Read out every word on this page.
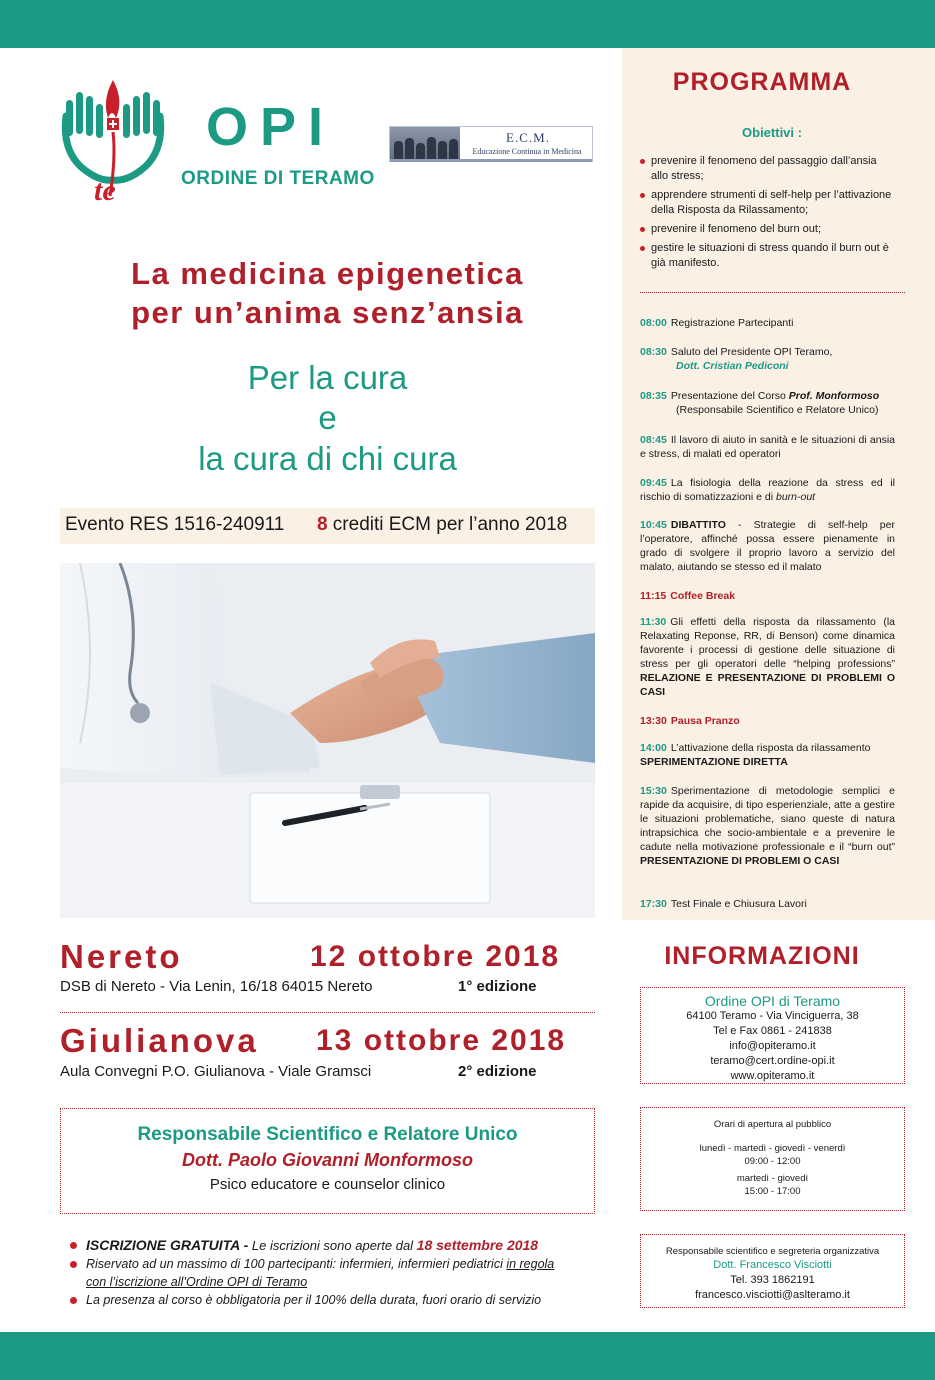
te
OPI
ORDINE DI TERAMO
E.C.M.
Educazione Continua in Medicina
La medicina epigenetica
per un’anima senz’ansia
Per la cura
e
la cura di chi cura
Evento RES 1516-240911 8 crediti ECM per l’anno 2018
Nereto	12 ottobre 2018
DSB di Nereto - Via Lenin, 16/18 64015 Nereto	1° edizione
Giulianova 13 ottobre 2018
Aula Convegni P.O. Giulianova - Viale Gramsci	2° edizione
Responsabile Scientifico e Relatore Unico
Dott. Paolo Giovanni Monformoso
Psico educatore e counselor clinico
ISCRIZIONE GRATUITA - Le iscrizioni sono aperte dal 18 settembre 2018
Riservato ad un massimo di 100 partecipanti: infermieri, infermieri pediatrici in regola
con l’iscrizione all’Ordine OPI di Teramo
La presenza al corso è obbligatoria per il 100% della durata, fuori orario di servizio
PROGRAMMA
Obiettivi :
prevenire il fenomeno del passaggio dall’ansia allo stress;
apprendere strumenti di self-help per l’attivazione della Risposta da Rilassamento;
prevenire il fenomeno del burn out;
gestire le situazioni di stress quando il burn out è già manifesto.
08:00 Registrazione Partecipanti
08:30 Saluto del Presidente OPI Teramo,
Dott. Cristian Pediconi
08:35 Presentazione del Corso Prof. Monformoso
(Responsabile Scientifico e Relatore Unico)
08:45 Il lavoro di aiuto in sanità e le situazioni di ansia e stress, di malati ed operatori
09:45 La fisiologia della reazione da stress ed il rischio di somatizzazioni e di burn-out
10:45 DIBATTITO - Strategie di self-help per l’operatore, affinché possa essere pienamente in grado di svolgere il proprio lavoro a servizio del malato, aiutando se stesso ed il malato
11:15 Coffee Break
11:30 Gli effetti della risposta da rilassamento (la Relaxating Reponse, RR, di Benson) come dinamica favorente i processi di gestione delle situazione di stress per gli operatori delle “helping professions” RELAZIONE E PRESENTAZIONE DI PROBLEMI O CASI
13:30 Pausa Pranzo
14:00 L’attivazione della risposta da rilassamento
SPERIMENTAZIONE DIRETTA
15:30 Sperimentazione di metodologie semplici e rapide da acquisire, di tipo esperienziale, atte a gestire le situazioni problematiche, siano queste di natura intrapsichica che socio-ambientale e a prevenire le cadute nella motivazione professionale e il “burn out” PRESENTAZIONE DI PROBLEMI O CASI
17:30 Test Finale e Chiusura Lavori
INFORMAZIONI
Ordine OPI di Teramo
64100 Teramo - Via Vinciguerra, 38
Tel e Fax 0861 - 241838
info@opiteramo.it
teramo@cert.ordine-opi.it
www.opiteramo.it
Orari di apertura al pubblico
lunedì - martedì - giovedì - venerdì
09:00 - 12:00
martedì - giovedì
15:00 - 17:00
Responsabile scientifico e segreteria organizzativa
Dott. Francesco Visciotti
Tel. 393 1862191
francesco.visciotti@aslteramo.it
